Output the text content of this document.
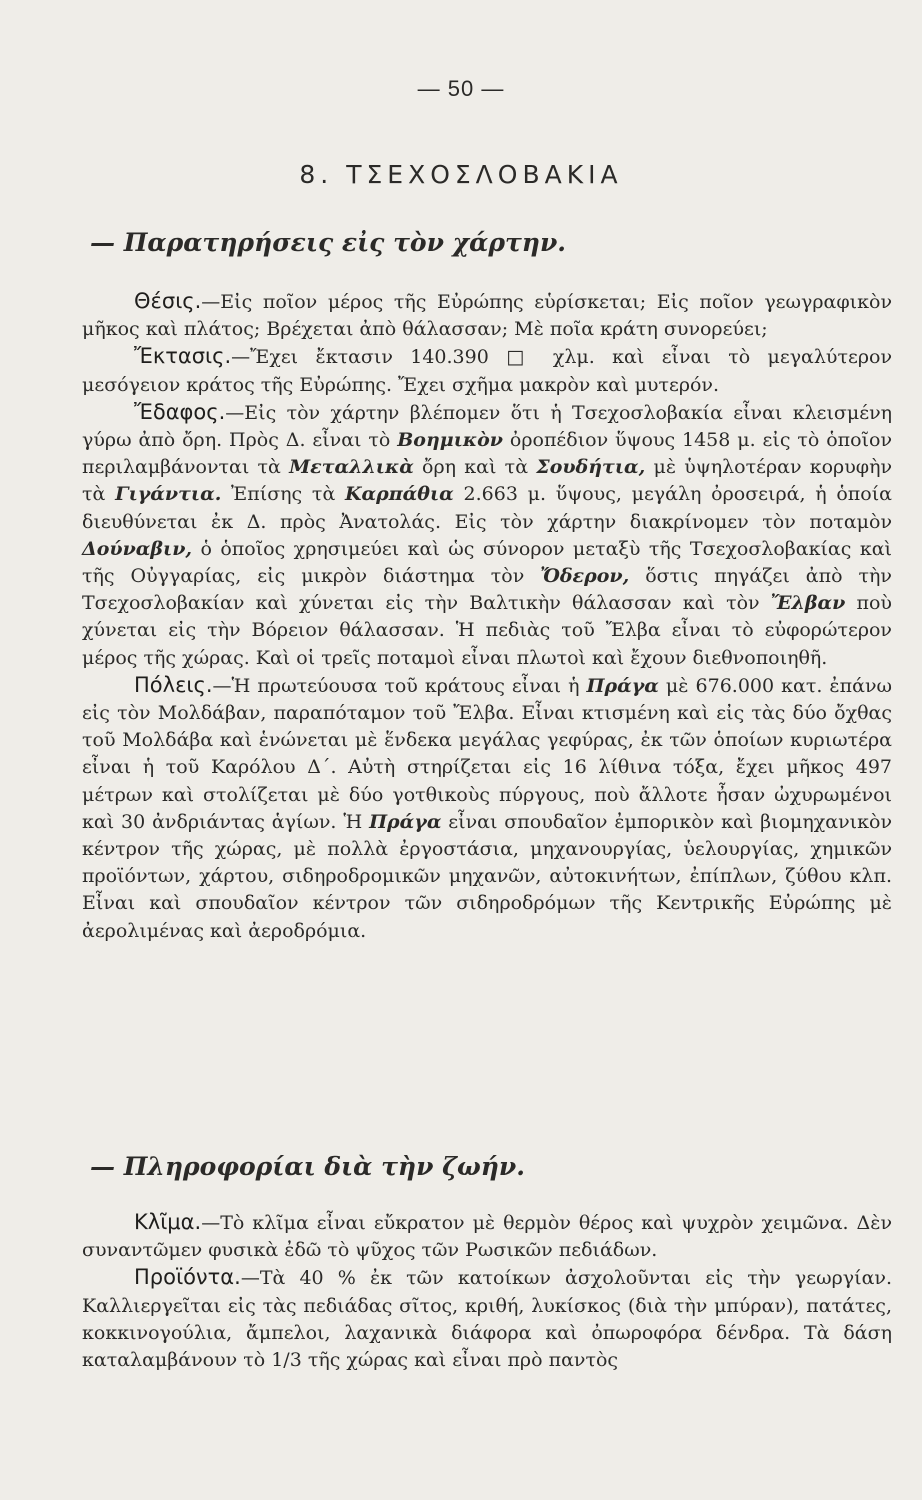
— 50 —
8. ΤΣΕΧΟΣΛΟΒΑΚΙΑ
— Παρατηρήσεις εἰς τὸν χάρτην.

Θέσις.—Εἰς ποῖον μέρος τῆς Εὐρώπης εὑρίσκεται; Εἰς ποῖον γεωγραφικὸν μῆκος καὶ πλάτος; Βρέχεται ἀπὸ θάλασσαν; Μὲ ποῖα κράτη συνορεύει;

Ἔκτασις.—Ἔχει ἔκτασιν 140.390 □ χλμ. καὶ εἶναι τὸ μεγαλύτερον μεσόγειον κράτος τῆς Εὐρώπης. Ἔχει σχῆμα μακρὸν καὶ μυτερόν.

Ἔδαφος.—Εἰς τὸν χάρτην βλέπομεν ὅτι ἡ Τσεχοσλοβακία εἶναι κλεισμένη γύρω ἀπὸ ὄρη. Πρὸς Δ. εἶναι τὸ Βοημικὸν ὀροπέδιον ὕψους 1458 μ. εἰς τὸ ὁποῖον περιλαμβάνονται τὰ Μεταλλικὰ ὄρη καὶ τὰ Σουδήτια, μὲ ὑψηλοτέραν κορυφὴν τὰ Γιγάντια. Ἐπίσης τὰ Καρπάθια 2.663 μ. ὕψους, μεγάλη ὀροσειρά, ἡ ὁποία διευθύνεται ἐκ Δ. πρὸς Ἀνατολάς. Εἰς τὸν χάρτην διακρίνομεν τὸν ποταμὸν Δούναβιν, ὁ ὁποῖος χρησιμεύει καὶ ὡς σύνορον μεταξὺ τῆς Τσεχοσλοβακίας καὶ τῆς Οὐγγαρίας, εἰς μικρὸν διάστημα τὸν Ὄδερον, ὅστις πηγάζει ἀπὸ τὴν Τσεχοσλοβακίαν καὶ χύνεται εἰς τὴν Βαλτικὴν θάλασσαν καὶ τὸν Ἔλβαν ποὺ χύνεται εἰς τὴν Βόρειον θάλασσαν. Ἡ πεδιὰς τοῦ Ἔλβα εἶναι τὸ εὐφορώτερον μέρος τῆς χώρας. Καὶ οἱ τρεῖς ποταμοὶ εἶναι πλωτοὶ καὶ ἔχουν διεθνοποιηθῆ.

Πόλεις.—Ἡ πρωτεύουσα τοῦ κράτους εἶναι ἡ Πράγα μὲ 676.000 κατ. ἐπάνω εἰς τὸν Μολδάβαν, παραπόταμον τοῦ Ἔλβα. Εἶναι κτισμένη καὶ εἰς τὰς δύο ὄχθας τοῦ Μολδάβα καὶ ἑνώνεται μὲ ἕνδεκα μεγάλας γεφύρας, ἐκ τῶν ὁποίων κυριωτέρα εἶναι ἡ τοῦ Καρόλου Δ΄. Αὐτὴ στηρίζεται εἰς 16 λίθινα τόξα, ἔχει μῆκος 497 μέτρων καὶ στολίζεται μὲ δύο γοτθικοὺς πύργους, ποὺ ἄλλοτε ἦσαν ὠχυρωμένοι καὶ 30 ἀνδριάντας ἁγίων. Ἡ Πράγα εἶναι σπουδαῖον ἐμπορικὸν καὶ βιομηχανικὸν κέντρον τῆς χώρας, μὲ πολλὰ ἐργοστάσια, μηχανουργίας, ὑελουργίας, χημικῶν προϊόντων, χάρτου, σιδηροδρομικῶν μηχανῶν, αὐτοκινήτων, ἐπίπλων, ζύθου κλπ. Εἶναι καὶ σπουδαῖον κέντρον τῶν σιδηροδρόμων τῆς Κεντρικῆς Εὐρώπης μὲ ἀερολιμένας καὶ ἀεροδρόμια.

— Πληροφορίαι διὰ τὴν ζωήν.

Κλῖμα.—Τὸ κλῖμα εἶναι εὔκρατον μὲ θερμὸν θέρος καὶ ψυχρὸν χειμῶνα. Δὲν συναντῶμεν φυσικὰ ἐδῶ τὸ ψῦχος τῶν Ρωσικῶν πεδιάδων.

Προϊόντα.—Τὰ 40 % ἐκ τῶν κατοίκων ἀσχολοῦνται εἰς τὴν γεωργίαν. Καλλιεργεῖται εἰς τὰς πεδιάδας σῖτος, κριθή, λυκίσκος (διὰ τὴν μπύραν), πατάτες, κοκκινογούλια, ἄμπελοι, λαχανικὰ διάφορα καὶ ὀπωροφόρα δένδρα. Τὰ δάση καταλαμβάνουν τὸ 1/3 τῆς χώρας καὶ εἶναι πρὸ παντὸς
